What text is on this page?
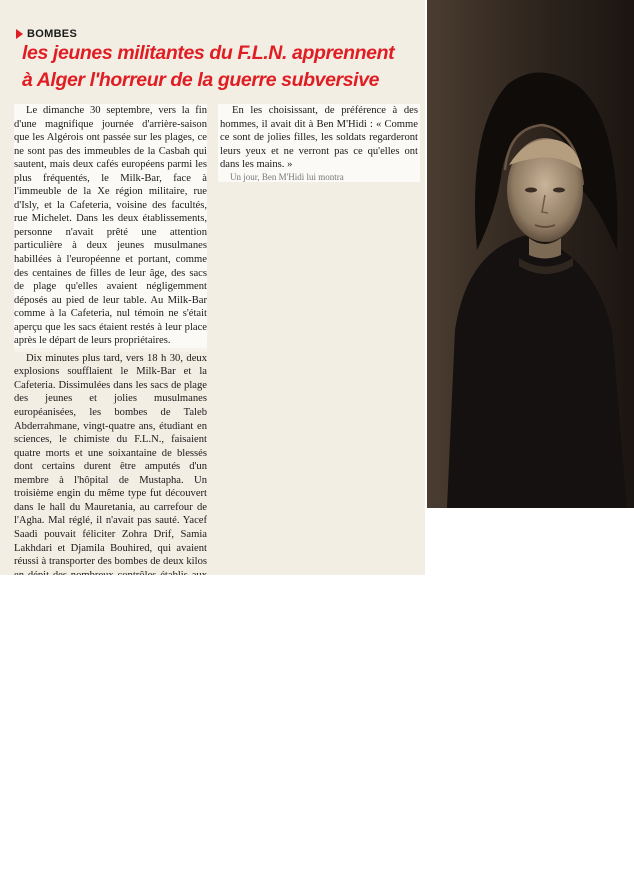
BOMBES
les jeunes militantes du F.L.N. apprennent
à Alger l'horreur de la guerre subversive

Le dimanche 30 septembre, vers la fin d'une magnifique journée d'arrière-saison que les Algérois ont passée sur les plages, ce ne sont pas des immeubles de la Casbah qui sautent, mais deux cafés européens parmi les plus fréquentés, le Milk-Bar, face à l'immeuble de la Xe région militaire, rue d'Isly, et la Cafeteria, voisine des facultés, rue Michelet. Dans les deux établissements, personne n'avait prêté une attention particulière à deux jeunes musulmanes habillées à l'européenne et portant, comme des centaines de filles de leur âge, des sacs de plage qu'elles avaient négligemment déposés au pied de leur table. Au Milk-Bar comme à la Cafeteria, nul témoin ne s'était aperçu que les sacs étaient restés à leur place après le départ de leurs propriétaires.

Dix minutes plus tard, vers 18 h 30, deux explosions soufflaient le Milk-Bar et la Cafeteria. Dissimulées dans les sacs de plage des jeunes et jolies musulmanes européanisées, les bombes de Taleb Abderrahmane, vingt-quatre ans, étudiant en sciences, le chimiste du F.L.N., faisaient quatre morts et une soixantaine de blessés dont certains durent être amputés d'un membre à l'hôpital de Mustapha. Un troisième engin du même type fut découvert dans le hall du Mauretania, au carrefour de l'Agha. Mal réglé, il n'avait pas sauté. Yacef Saadi pouvait féliciter Zohra Drif, Samia Lakhdari et Djamila Bouhired, qui avaient réussi à transporter des bombes de deux kilos

En les choisissant, de préférence à des hommes, il avait dit à Ben M'Hidi : « Comme ce sont de jolies filles, les soldats regarderont leurs yeux et ne verront pas ce qu'elles ont dans les mains. »

Un jour, Ben M'Hidi lui montra
